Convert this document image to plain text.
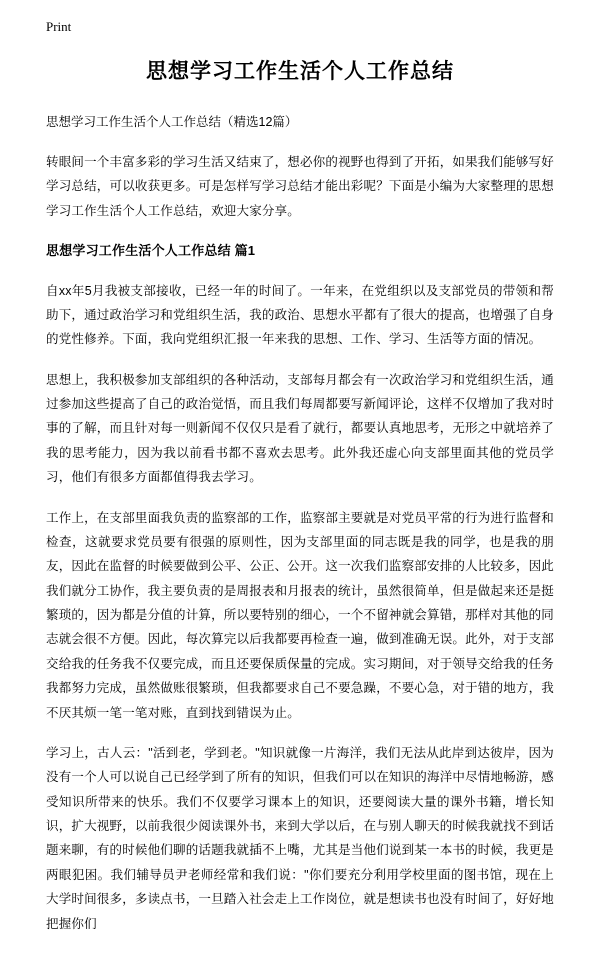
Print
思想学习工作生活个人工作总结
思想学习工作生活个人工作总结（精选12篇）

转眼间一个丰富多彩的学习生活又结束了，想必你的视野也得到了开拓，如果我们能够写好学习总结，可以收获更多。可是怎样写学习总结才能出彩呢？下面是小编为大家整理的思想学习工作生活个人工作总结，欢迎大家分享。

思想学习工作生活个人工作总结 篇1

自xx年5月我被支部接收，已经一年的时间了。一年来，在党组织以及支部党员的带领和帮助下，通过政治学习和党组织生活，我的政治、思想水平都有了很大的提高，也增强了自身的党性修养。下面，我向党组织汇报一年来我的思想、工作、学习、生活等方面的情况。

思想上，我积极参加支部组织的各种活动，支部每月都会有一次政治学习和党组织生活，通过参加这些提高了自己的政治觉悟，而且我们每周都要写新闻评论，这样不仅增加了我对时事的了解，而且针对每一则新闻不仅仅只是看了就行，都要认真地思考，无形之中就培养了我的思考能力，因为我以前看书都不喜欢去思考。此外我还虚心向支部里面其他的党员学习，他们有很多方面都值得我去学习。

工作上，在支部里面我负责的监察部的工作，监察部主要就是对党员平常的行为进行监督和检查，这就要求党员要有很强的原则性，因为支部里面的同志既是我的同学，也是我的朋友，因此在监督的时候要做到公平、公正、公开。这一次我们监察部安排的人比较多，因此我们就分工协作，我主要负责的是周报表和月报表的统计，虽然很简单，但是做起来还是挺繁琐的，因为都是分值的计算，所以要特别的细心，一个不留神就会算错，那样对其他的同志就会很不方便。因此，每次算完以后我都要再检查一遍，做到准确无误。此外，对于支部交给我的任务我不仅要完成，而且还要保质保量的完成。实习期间，对于领导交给我的任务我都努力完成，虽然做账很繁琐，但我都要求自己不要急躁，不要心急，对于错的地方，我不厌其烦一笔一笔对账，直到找到错误为止。

学习上，古人云："活到老，学到老。"知识就像一片海洋，我们无法从此岸到达彼岸，因为没有一个人可以说自己已经学到了所有的知识，但我们可以在知识的海洋中尽情地畅游，感受知识所带来的快乐。我们不仅要学习课本上的知识，还要阅读大量的课外书籍，增长知识，扩大视野，以前我很少阅读课外书，来到大学以后，在与别人聊天的时候我就找不到话题来聊，有的时候他们聊的话题我就插不上嘴，尤其是当他们说到某一本书的时候，我更是两眼犯困。我们辅导员尹老师经常和我们说："你们要充分利用学校里面的图书馆，现在上大学时间很多，多读点书，一旦踏入社会走上工作岗位，就是想读书也没有时间了，好好地把握你们
